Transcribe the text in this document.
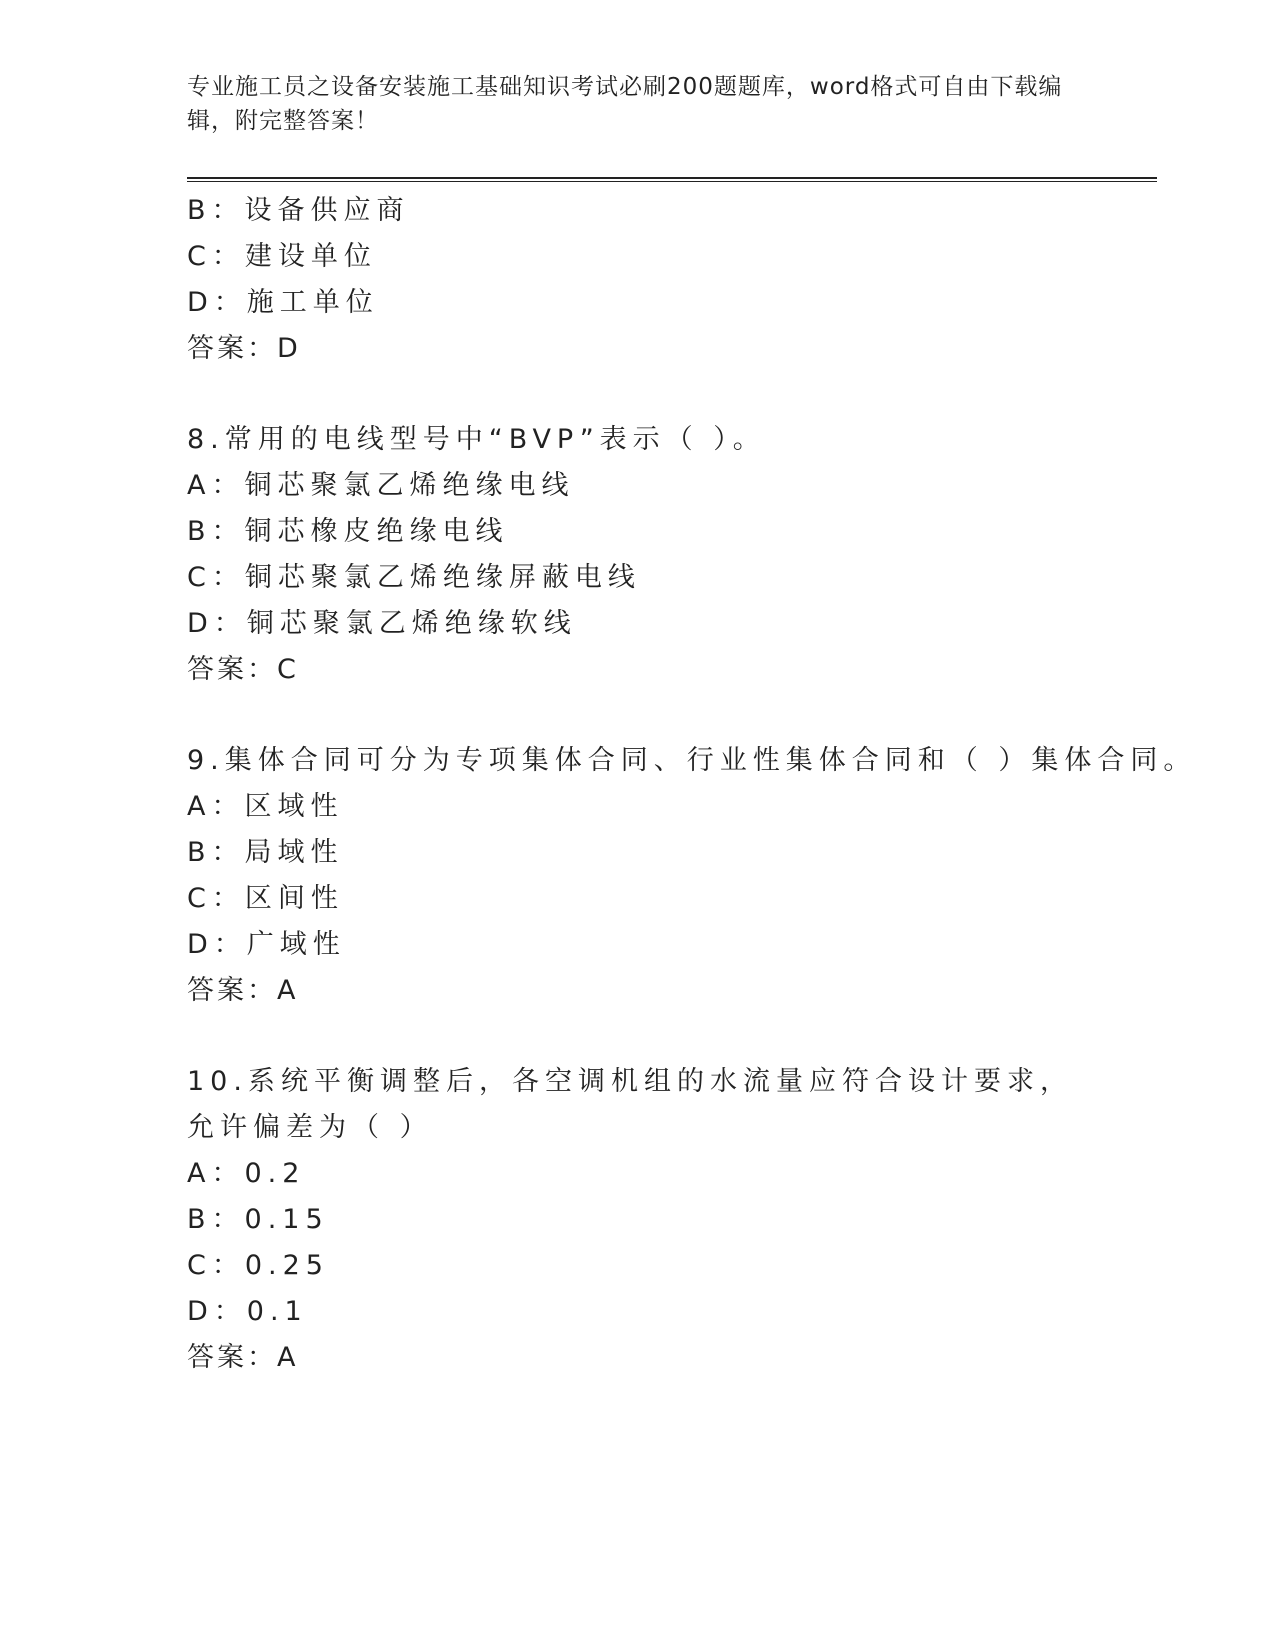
专业施工员之设备安装施工基础知识考试必刷200题题库，word格式可自由下载编辑，附完整答案！
B：设备供应商
C：建设单位
D：施工单位
答案：D
8.常用的电线型号中“BVP”表示（ ）。
A：铜芯聚氯乙烯绝缘电线
B：铜芯橡皮绝缘电线
C：铜芯聚氯乙烯绝缘屏蔽电线
D：铜芯聚氯乙烯绝缘软线
答案：C
9.集体合同可分为专项集体合同、行业性集体合同和（ ）集体合同。
A：区域性
B：局域性
C：区间性
D：广域性
答案：A
10.系统平衡调整后，各空调机组的水流量应符合设计要求，允许偏差为（ ）
A：0.2
B：0.15
C：0.25
D：0.1
答案：A
